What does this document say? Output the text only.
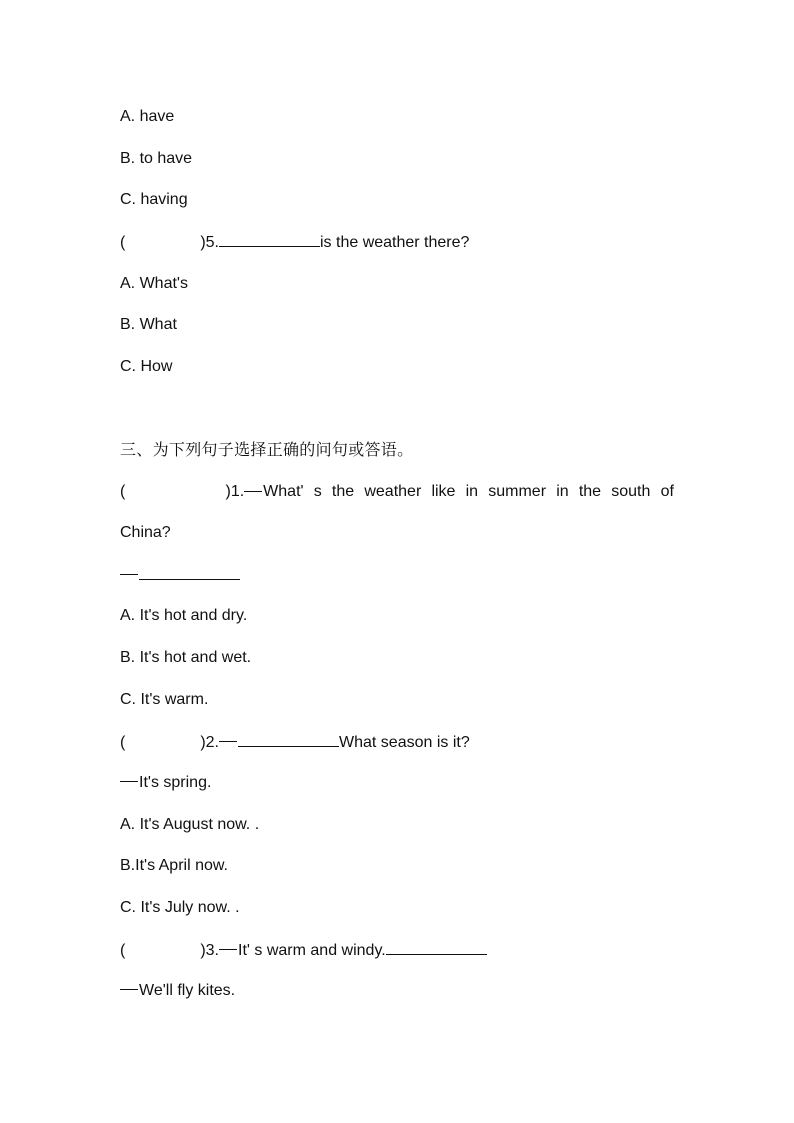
A. have
B. to have
C. having
(	)5.	is the weather there?
A. What's
B. What
C. How
三、为下列句子选择正确的问句或答语。
(	)1. What' s the weather like in summer in the south of
China?
A. It's hot and dry.
B. It's hot and wet.
C. It's warm.
(	)2.	What season is it?
It's spring.
A. It's August now. .
B.It's April now.
C. It's July now. .
(	)3. It' s warm and windy.
We'll fly kites.
